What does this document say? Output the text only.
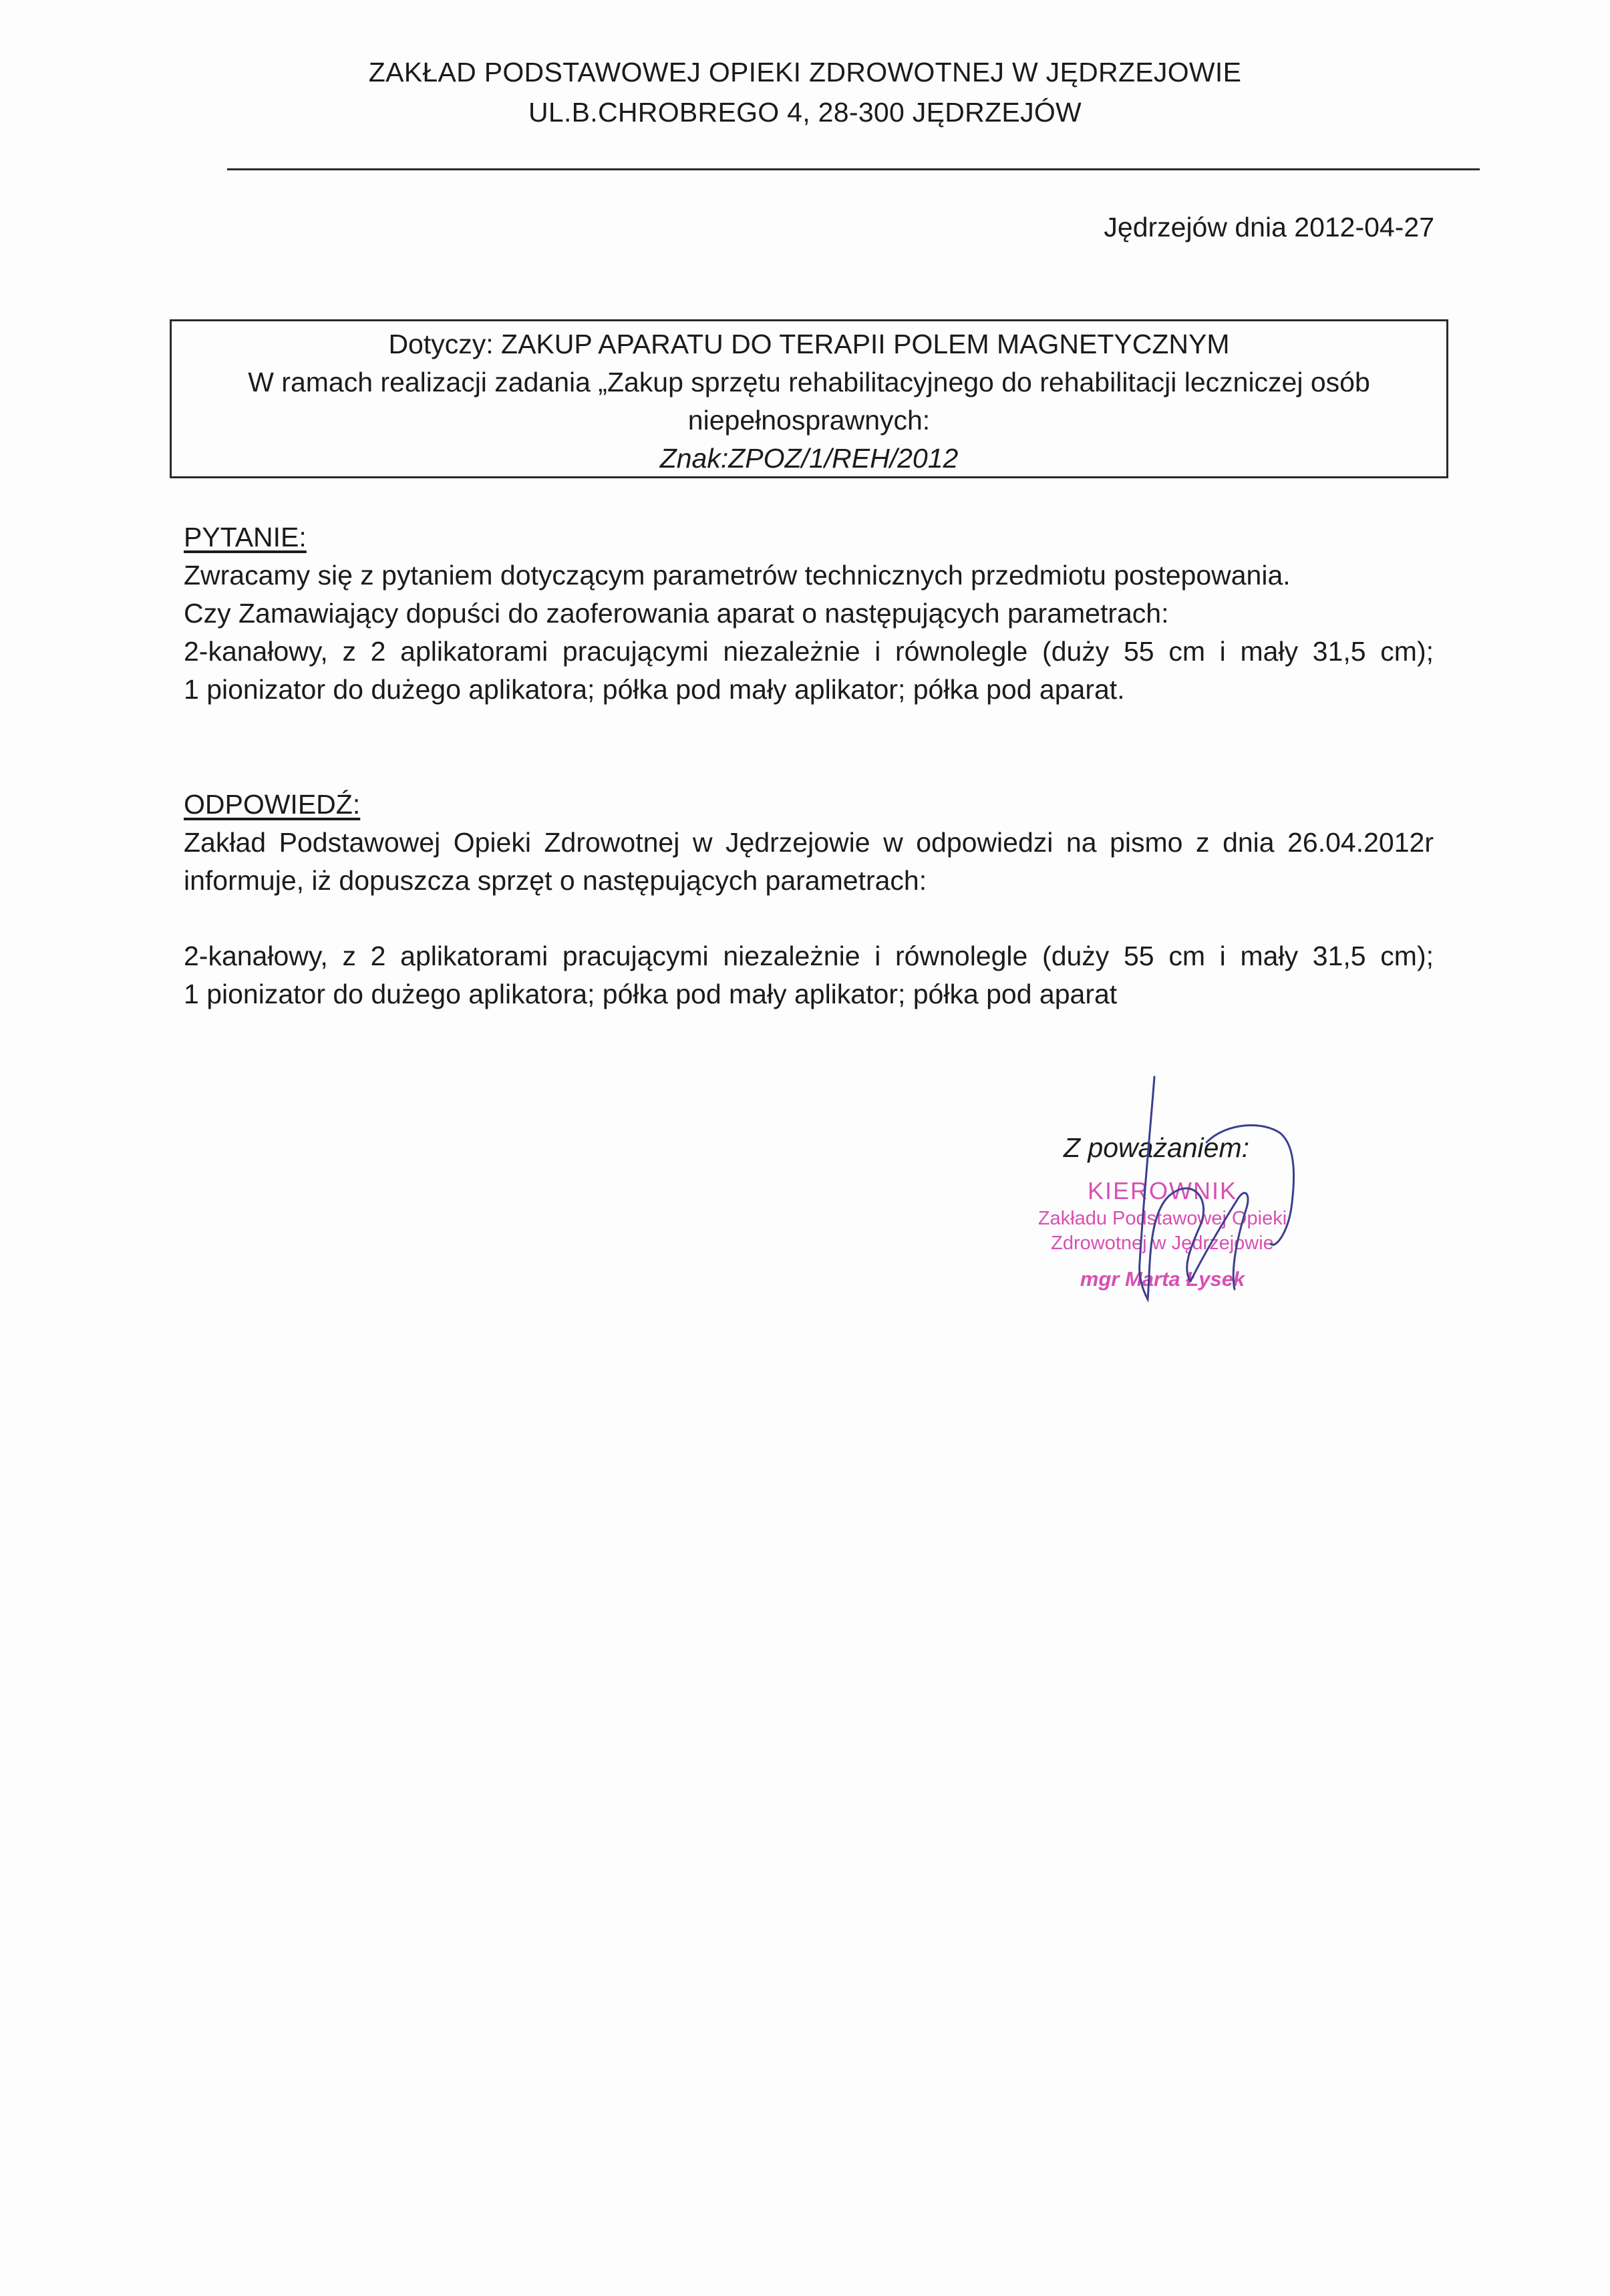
ZAKŁAD PODSTAWOWEJ OPIEKI ZDROWOTNEJ W JĘDRZEJOWIE
UL.B.CHROBREGO 4, 28-300 JĘDRZEJÓW
Jędrzejów dnia 2012-04-27
Dotyczy: ZAKUP APARATU DO TERAPII POLEM MAGNETYCZNYM
W ramach realizacji zadania „Zakup sprzętu rehabilitacyjnego do rehabilitacji leczniczej osób
niepełnosprawnych:
Znak:ZPOZ/1/REH/2012
PYTANIE:
Zwracamy się z pytaniem dotyczącym parametrów technicznych przedmiotu postepowania.
Czy Zamawiający dopuści do zaoferowania aparat o następujących parametrach:
2-kanałowy, z 2 aplikatorami pracującymi niezależnie i równolegle (duży 55 cm i mały 31,5 cm);
1 pionizator do dużego aplikatora; półka pod mały aplikator; półka pod aparat.
ODPOWIEDŹ:
Zakład Podstawowej Opieki Zdrowotnej w Jędrzejowie w odpowiedzi na pismo z dnia 26.04.2012r
informuje, iż dopuszcza sprzęt o następujących parametrach:
2-kanałowy, z 2 aplikatorami pracującymi niezależnie i równolegle (duży 55 cm i mały 31,5 cm);
1 pionizator do dużego aplikatora; półka pod mały aplikator; półka pod aparat
Z poważaniem:
KIEROWNIK
Zakładu Podstawowej Opieki
Zdrowotnej w Jędrzejowie
mgr Marta Łysek
